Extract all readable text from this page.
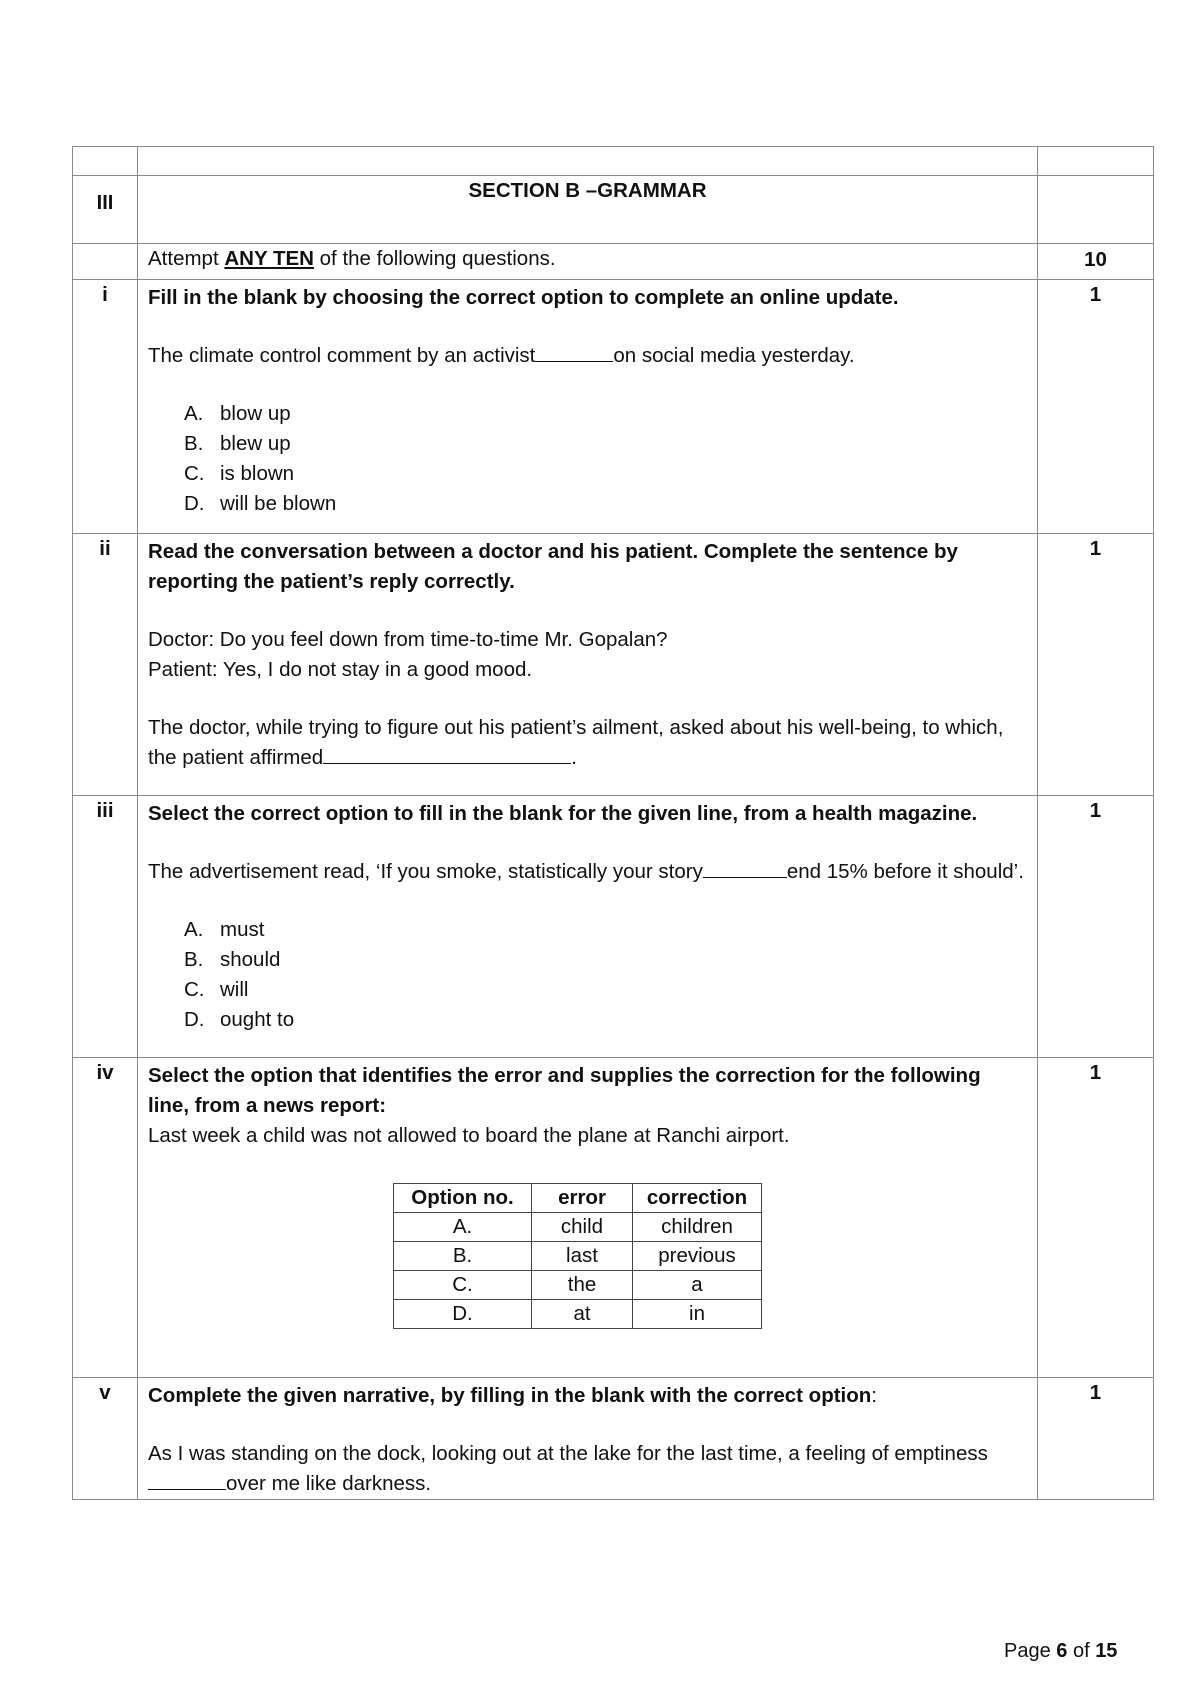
III	SECTION B –GRAMMAR	
	Attempt ANY TEN of the following questions.	10
i	Fill in the blank by choosing the correct option to complete an online update.

The climate control comment by an activist	on social media yesterday.

A. blow up
B. blew up
C. is blown
D. will be blown
	1
ii	Read the conversation between a doctor and his patient. Complete the sentence by reporting the patient’s reply correctly.

Doctor: Do you feel down from time-to-time Mr. Gopalan?

Patient: Yes, I do not stay in a good mood.

The doctor, while trying to figure out his patient’s ailment, asked about his well-being, to which, the patient affirmed	.

	1
iii	Select the correct option to fill in the blank for the given line, from a health magazine.

The advertisement read, ‘If you smoke, statistically your story	end 15% before it should’.

A. must
B. should
C. will
D. ought to
	1
iv	Select the option that identifies the error and supplies the correction for the following line, from a news report:

Last week a child was not allowed to board the plane at Ranchi airport.

Option no.	error	correction
A.	child	children
B.	last	previous
C.	the	a
D.	at	in
	1
v	Complete the given narrative, by filling in the blank with the correct option:

As I was standing on the dock, looking out at the lake for the last time, a feeling of emptinessover me like darkness.

	1
Page 6 of 15
